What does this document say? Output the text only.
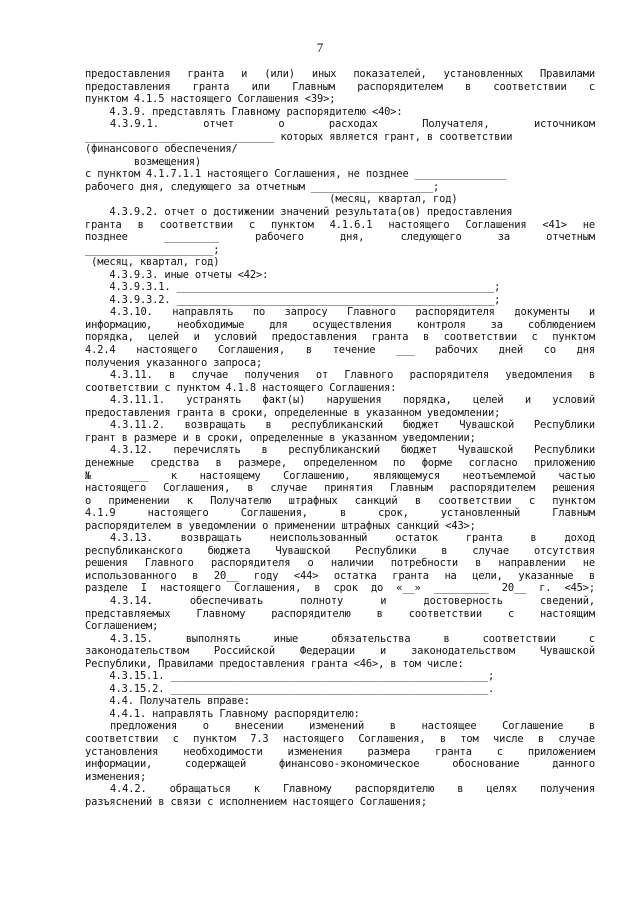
7
предоставления гранта и (или) иных показателей, установленных Правилами
предоставления гранта или Главным распорядителем в соответствии с
пунктом 4.1.5 настоящего Соглашения <39>;
4.3.9. представлять Главному распорядителю <40>:
4.3.9.1. отчет о расходах Получателя, источником
_______________________________ которых является грант, в соответствии
(финансового обеспечения/
возмещения)
с пунктом 4.1.7.1.1 настоящего Соглашения, не позднее _______________
рабочего дня, следующего за отчетным ____________________;
(месяц, квартал, год)
4.3.9.2. отчет о достижении значений результата(ов) предоставления
гранта в соответствии с пунктом 4.1.6.1 настоящего Соглашения <41> не
позднее _________ рабочего дня, следующего за отчетным
_____________________;
(месяц, квартал, год)
4.3.9.3. иные отчеты <42>:
4.3.9.3.1. ____________________________________________________;
4.3.9.3.2. ____________________________________________________;
4.3.10. направлять по запросу Главного распорядителя документы и
информацию, необходимые для осуществления контроля за соблюдением
порядка, целей и условий предоставления гранта в соответствии с пунктом
4.2.4 настоящего Соглашения, в течение ___ рабочих дней со дня
получения указанного запроса;
4.3.11. в случае получения от Главного распорядителя уведомления в
соответствии с пунктом 4.1.8 настоящего Соглашения:
4.3.11.1. устранять факт(ы) нарушения порядка, целей и условий
предоставления гранта в сроки, определенные в указанном уведомлении;
4.3.11.2. возвращать в республиканский бюджет Чувашской Республики
грант в размере и в сроки, определенные в указанном уведомлении;
4.3.12. перечислять в республиканский бюджет Чувашской Республики
денежные средства в размере, определенном по форме согласно приложению
№ ___ к настоящему Соглашению, являющемуся неотъемлемой частью
настоящего Соглашения, в случае принятия Главным распорядителем решения
о применении к Получателю штрафных санкций в соответствии с пунктом
4.1.9 настоящего Соглашения, в срок, установленный Главным
распорядителем в уведомлении о применении штрафных санкций <43>;
4.3.13. возвращать неиспользованный остаток гранта в доход
республиканского бюджета Чувашской Республики в случае отсутствия
решения Главного распорядителя о наличии потребности в направлении не
использованного в 20__ году <44> остатка гранта на цели, указанные в
разделе I настоящего Соглашения, в срок до «__» _________ 20__ г. <45>;
4.3.14. обеспечивать полноту и достоверность сведений,
представляемых Главному распорядителю в соответствии с настоящим
Соглашением;
4.3.15. выполнять иные обязательства в соответствии с
законодательством Российской Федерации и законодательством Чувашской
Республики, Правилами предоставления гранта <46>, в том числе:
4.3.15.1. ____________________________________________________;
4.3.15.2. ____________________________________________________.
4.4. Получатель вправе:
4.4.1. направлять Главному распорядителю:
предложения о внесении изменений в настоящее Соглашение в
соответствии с пунктом 7.3 настоящего Соглашения, в том числе в случае
установления необходимости изменения размера гранта с приложением
информации, содержащей финансово-экономическое обоснование данного
изменения;
4.4.2. обращаться к Главному распорядителю в целях получения
разъяснений в связи с исполнением настоящего Соглашения;
